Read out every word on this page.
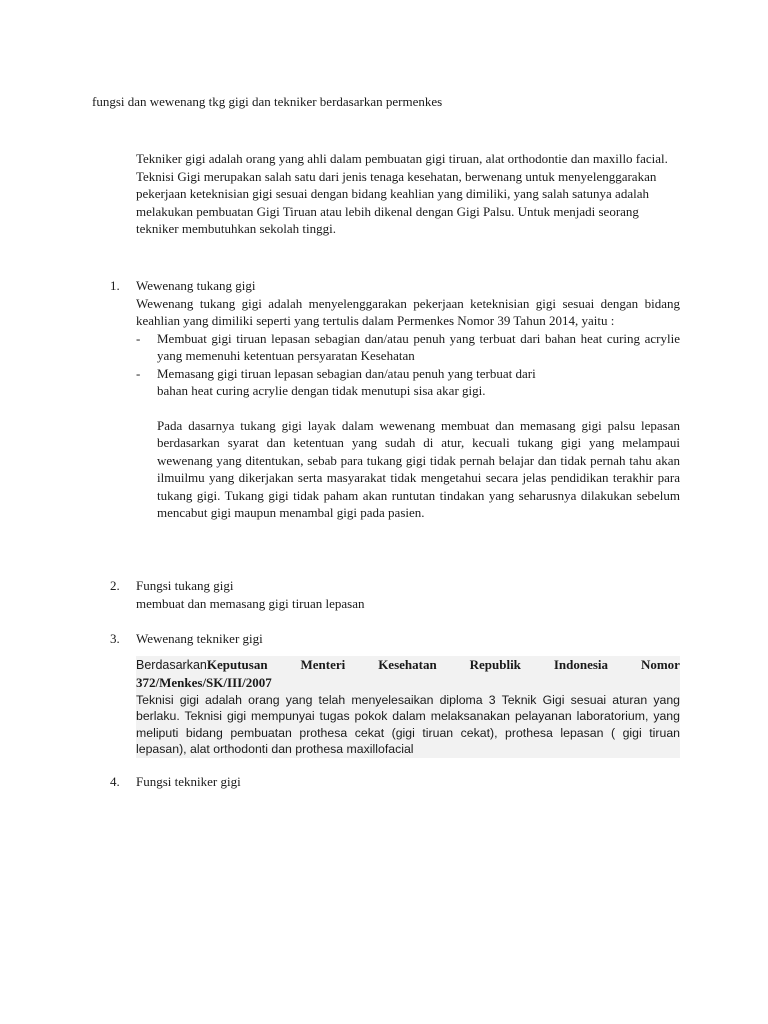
fungsi dan wewenang tkg gigi dan tekniker berdasarkan permenkes
Tekniker gigi adalah orang yang ahli dalam pembuatan gigi tiruan, alat orthodontie dan maxillo facial. Teknisi Gigi merupakan salah satu dari jenis tenaga kesehatan, berwenang untuk menyelenggarakan pekerjaan keteknisian gigi sesuai dengan bidang keahlian yang dimiliki, yang salah satunya adalah melakukan pembuatan Gigi Tiruan atau lebih dikenal dengan Gigi Palsu. Untuk menjadi seorang tekniker membutuhkan sekolah tinggi.
1.	Wewenang tukang gigi
Wewenang tukang gigi adalah menyelenggarakan pekerjaan keteknisian gigi sesuai dengan bidang keahlian yang dimiliki seperti yang tertulis dalam Permenkes Nomor 39 Tahun 2014, yaitu :
-	Membuat gigi tiruan lepasan sebagian dan/atau penuh yang terbuat dari bahan heat curing acrylie yang memenuhi ketentuan persyaratan Kesehatan
-	Memasang gigi tiruan lepasan sebagian dan/atau penuh yang terbuat dari
bahan heat curing acrylie dengan tidak menutupi sisa akar gigi.
Pada dasarnya tukang gigi layak dalam wewenang membuat dan memasang gigi palsu lepasan berdasarkan syarat dan ketentuan yang sudah di atur, kecuali tukang gigi yang melampaui wewenang yang ditentukan, sebab para tukang gigi tidak pernah belajar dan tidak pernah tahu akan ilmuilmu yang dikerjakan serta masyarakat tidak mengetahui secara jelas pendidikan terakhir para tukang gigi. Tukang gigi tidak paham akan runtutan tindakan yang seharusnya dilakukan sebelum mencabut gigi maupun menambal gigi pada pasien.
2.	Fungsi tukang gigi
membuat dan memasang gigi tiruan lepasan
3.	Wewenang tekniker gigi
BerdasarkanKeputusan	Menteri	Kesehatan	Republik	Indonesia	Nomor
372/Menkes/SK/III/2007
Teknisi gigi adalah orang yang telah menyelesaikan diploma 3 Teknik Gigi sesuai aturan yang berlaku. Teknisi gigi mempunyai tugas pokok dalam melaksanakan pelayanan laboratorium, yang meliputi bidang pembuatan prothesa cekat (gigi tiruan cekat), prothesa lepasan ( gigi tiruan lepasan), alat orthodonti dan prothesa maxillofacial
4.	Fungsi tekniker gigi
